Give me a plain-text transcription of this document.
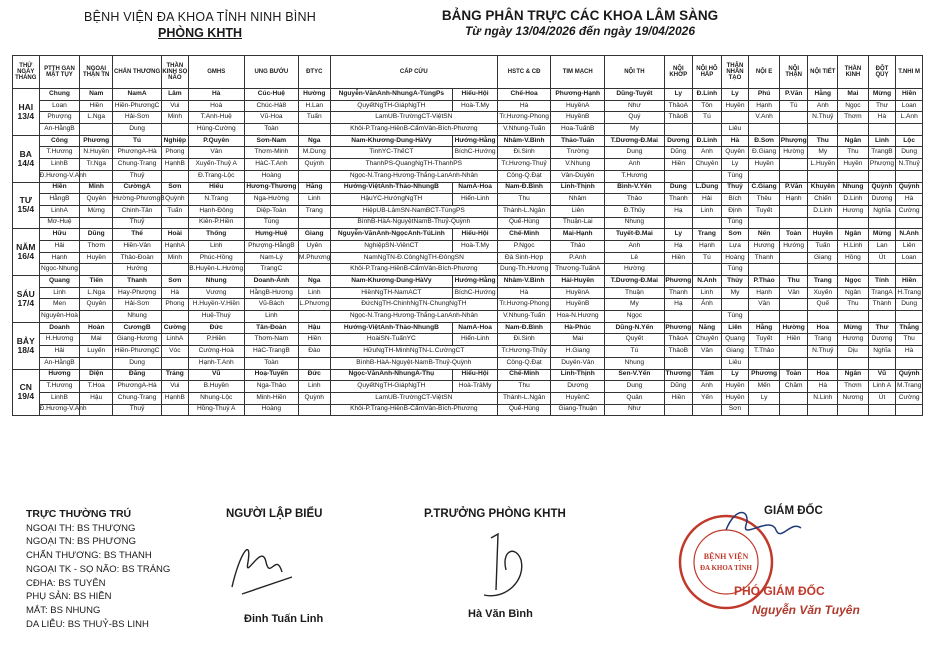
BỆNH VIỆN ĐA KHOA TỈNH NINH BÌNH
PHÒNG KHTH
BẢNG PHÂN TRỰC CÁC KHOA LÂM SÀNG
Từ ngày 13/04/2026 đến ngày 19/04/2026
THỨ NGÀY THÁNG	PTTH GAN MẬT TỤY	NGOẠI THẬN TN	CHẤN THƯƠNG	THẦN KINH SỌ NÃO	GMHS	UNG BƯỚU	ĐTYC	CẤP CỨU		HSTC & CĐ	TIM MẠCH	NỘI TH	NỘI KHỚP	NỘI HÔ HẤP	THẬN NHÂN TẠO	NỘI E	NỘI THẬN	NỘI TIẾT	THẦN KINH	ĐỘT QUỴ	T.NHI M

HAI
13/4	Chung	Nam	NamA	Lâm	Hà	Cúc-Huệ	Hường	Nguyễn-VănAnh-NhungA-TùngPs	Hiếu-Hội	Chế-Hoa	Phương-Hạnh	Dũng-Tuyết	Ly	Đ.Linh	Ly	Phú	P.Văn	Hằng	Mai	Mừng	Hiền
	Loan	Hiền	Hiền-PhươngC	Vui	Hoà	Chúc-Hà8	H.Lan	QuyếtNgTH-GiápNgTH	Hoà-T.My	Hà	HuyềnA	Như	ThảoA	Tôn	Huyền	Hạnh	Tú	Anh	Ngọc	Thư	Loan
	Phượng	L.Nga	Hải-Sơn	Minh	T.Anh-Huệ	Vũ-Hoa	Tuấn	LamUB-TrườngCT-ViệtSN		Tr.Hương-Phong	HuyềnB	Quý	ThảoB	Tú		V.Anh		N.Thuỷ	Thơm	Hà	L.Anh
	An-HằngB		Dung		Hùng-Cường	Toàn		Khôi-P.Trang-HiềnB-CẩmVân-Bích-Phương		V.Nhung-Tuấn	Hoa-TuấnB	My			Liêu						

BA
14/4	Công	Phương	Tú	Nghiệp	P.Quyên	Sơn-Nam	Nga	Nam-Khương-Dung-HàVy	Hướng-Hằng	Nhâm-V.Bình	Thảo-Tuấn	T.Dương-Đ.Mai	Dương	Đ.Linh	Hà	Đ.Sơn	Phượng	Thu	Ngân	Linh	Lộc
	T.Hương	N.Huyền	PhươngA-Hà	Phong	Vân	Thơm-Minh	M.Dung	TinhYC-ThếCT	BíchC-Hướng	Đi.Sinh	Trường	Dung	Dũng	Anh	Quyên	Đ.Giang	Hường	My	Thu	TrangB	Dung
	LinhB	Tr.Nga	Chung-Trang	HạnhB	Xuyến-Thuỷ A	HàC-T.Anh	Quỳnh	ThanhPS-QuangNgTH-ThanhPS		Tr.Hương-Thuỷ	V.Nhung	Anh	Hiền	Chuyên	Ly	Huyền		L.Huyền	Huyền	Phượng	N.Thuỷ
	Đ.Hương-V.Anh		Thuỷ		Đ.Trang-Lộc	Hoàng		Ngọc-N.Trang-Hương-Thắng-LanAnh-Nhân		Công-Q.Đạt	Vân-Duyên	T.Hương			Tùng						

TƯ
15/4	Hiền	Minh	CườngA	Sơn	Hiếu	Hương-Thương	Hằng	Hướng-ViệtAnh-Thảo-NhungB	NamA-Hoa	Nam-Đ.Bình	Linh-Thịnh	Bình-V.Yến	Dung	L.Dung	Thuỷ	C.Giang	P.Văn	Khuyên	Nhung	Quỳnh	Quỳnh
	HằngB	Quyên	Hường-PhươngB	Quỳnh	N.Trang	Nga-Hường	Linh	HậuYC-HướngNgTH	Hiển-Linh	Thu	Nhâm	Thảo	Thanh	Hải	Bích	Thêu	Hạnh	Chiến	D.Linh	Dương	Hà
	LinhA	Mừng	Chinh-Tân	Tuấn	Hạnh-Đông	Diệp-Toàn	Trang	HiệpUB-LâmSN-NamBCT-TùngPS		Thành-L.Ngân	Liên	Đ.Thủy	Hạ	Linh	Định	Tuyết		D.Linh	Hương	Nghĩa	Cường
	Mơ-Huệ		Thuỷ		Kiên-P.Hiền	Tùng		BìnhB-HàA-NguyệtNamB-Thuỷ-Quỳnh		Quế-Hùng	Thuận-Lai	Nhung			Tùng						

NĂM
16/4	Hữu	Dũng	Thể	Hoài	Thống	Hưng-Huệ	Giang	Nguyễn-VănAnh-NgọcAnh-TúLinh	Hiếu-Hội	Chế-Minh	Mai-Hạnh	Tuyết-Đ.Mai	Ly	Trang	Sơn	Nến	Toàn	Huyền	Ngân	Mừng	N.Anh
	Hải	Thơm	Hiền-Vân	HạnhA	Linh	Phượng-HằngB	Uyên	NghiệpSN-ViênCT	Hoà-T.My	P.Ngọc	Thảo	Anh	Hạ	Hạnh	Lựa	Hương	Hướng	Tuấn	H.Linh	Lan	Liên
	Hạnh	Huyền	Thảo-Đoàn	Minh	Phúc-Hồng	Nam-Lý	M.Phương	NamNgTN-Đ.CôngNgTH-ĐôngSN		Đà Sinh-Hợp	P.Anh	Lê	Hiền	Tú	Hoàng	Thanh		Giang	Hồng	Út	Loan
	Ngọc-Nhung		Hướng		B.Huyền-L.Hường	TrangC		Khôi-P.Trang-HiềnB-CẩmVân-Bích-Phương		Dung-Th.Hương	Thương-TuấnA	Hường			Tùng						

SÁU
17/4	Quang	Tiến	Thanh	Sơn	Nhung	Doanh-Ánh	Nga	Nam-Khương-Dung-HàVy	Hướng-Hằng	Nhâm-V.Bình	Hải-Huyền	T.Dương-Đ.Mai	Phương	N.Anh	Thủy	P.Thảo	Thu	Trang	Ngọc	Tính	Hiền
	Linh	L.Nga	Hay-Phượng	Hà	Vương	HằngB-Hương	Linh	HiềnNgTH-NamACT	BíchC-Hướng	Hà	HuyềnA	Thuận	Thanh	Linh	My	Hạnh	Vân	Xuyến	Ngân	TrangA	H.Trang
	Men	Quyên	Hải-Sơn	Phong	H.Huyền-V.Hiền	Vũ-Bách	L.Phương	ĐứcNgTH-ChinhNgTN-ChungNgTH		Tr.Hương-Phong	HuyềnB	My	Hạ	Ánh		Vân		Quế	Thu	Thành	Dung
	Nguyên-Hoà		Nhung		Huệ-Thuý	Linh		Ngọc-N.Trang-Hương-Thắng-LanAnh-Nhân		V.Nhung-Tuấn	Hoa-N.Hương	Ngọc			Tùng						

BẢY
18/4	Doanh	Hoàn	CươngB	Cường	Đức	Tân-Đoàn	Hậu	Hướng-ViệtAnh-Thảo-NhungB	NamA-Hoa	Nam-Đ.Bình	Hà-Phúc	Dũng-N.Yến	Phương	Năng	Liên	Hằng	Hường	Hoa	Mừng	Thư	Thắng
	H.Hương	Mai	Giang-Hương	LinhA	P.Hiền	Thơm-Nam	Hiền	HoàiSN-TuấnYC	Hiển-Linh	Đi.Sinh	Mai	Quyết	ThảoA	Chuyên	Quang	Tuyết	Hiền	Trang	Hương	Dương	Thu
	Hải	Luyến	Hiền-PhươngC	Vóc	Cường-Hoà	HàC-TrangB	Đào	HữuNgTH-MinhNgTN-L.CườngCT		Tr.Hương-Thủy	H.Giang	Tú	ThảoB	Vân	Giang	T.Thảo		N.Thuỷ	Dịu	Nghĩa	Hà
	An-HằngB		Dung		Hạnh-T.Anh	Toàn		BìnhB-HàA-Nguyệt-NamB-Thuỷ-Quỳnh		Công-Q.Đạt	Duyên-Vân	Nhung			Liêu						

CN
19/4	Hương	Diện	Đăng	Tráng	Vũ	Hoạ-Tuyến	Đức	Ngọc-VănAnh-NhungA-Thụ	Hiếu-Hội	Chế-Minh	Linh-Thịnh	Sen-V.Yến	Thương	Tấm	Ly	Phương	Toàn	Hoa	Ngân	Vũ	Quỳnh
	T.Hương	T.Hoa	PhươngA-Hà	Vui	B.Huyền	Nga-Thảo	Linh	QuyếtNgTH-GiápNgTH	Hoà-TrâMy	Thu	Dương	Dung	Dũng	Anh	Huyền	Mến	Chăm	Hà	Thơm	Linh A	M.Trang
	LinhB	Hậu	Chung-Trang	HạnhB	Nhung-Lộc	Minh-Hiền	Quỳnh	LamUB-TrườngCT-ViệtSN		Thành-L.Ngân	HuyềnC	Quân	Hiền	Yến	Huyền	Ly		N.Linh	Nương	Út	Cường
	Đ.Hương-V.Anh		Thuỷ		Hồng-Thuý A	Hoàng		Khôi-P.Trang-HiềnB-CẩmVân-Bích-Phương		Quế-Hùng	Giang-Thuận	Như			Sơn						
TRỰC THƯỜNG TRÚ
NGOẠI TH: BS THƯỢNG
NGOẠI TN: BS PHƯƠNG
CHẤN THƯƠNG: BS THANH
NGOẠI TK - SỌ NÃO: BS TRÁNG
CĐHA: BS TUYÊN
PHỤ SẢN: BS HIỀN
MẮT: BS NHUNG
DA LIỄU: BS THUỶ-BS LINH
NGƯỜI LẬP BIỂU
Đinh Tuấn Linh
P.TRƯỞNG PHÒNG KHTH
Hà Văn Bình
GIÁM ĐỐC
BỆNH VIỆN
ĐA KHOA TỈNH
PHÓ GIÁM ĐỐC
Nguyễn Văn Tuyên
